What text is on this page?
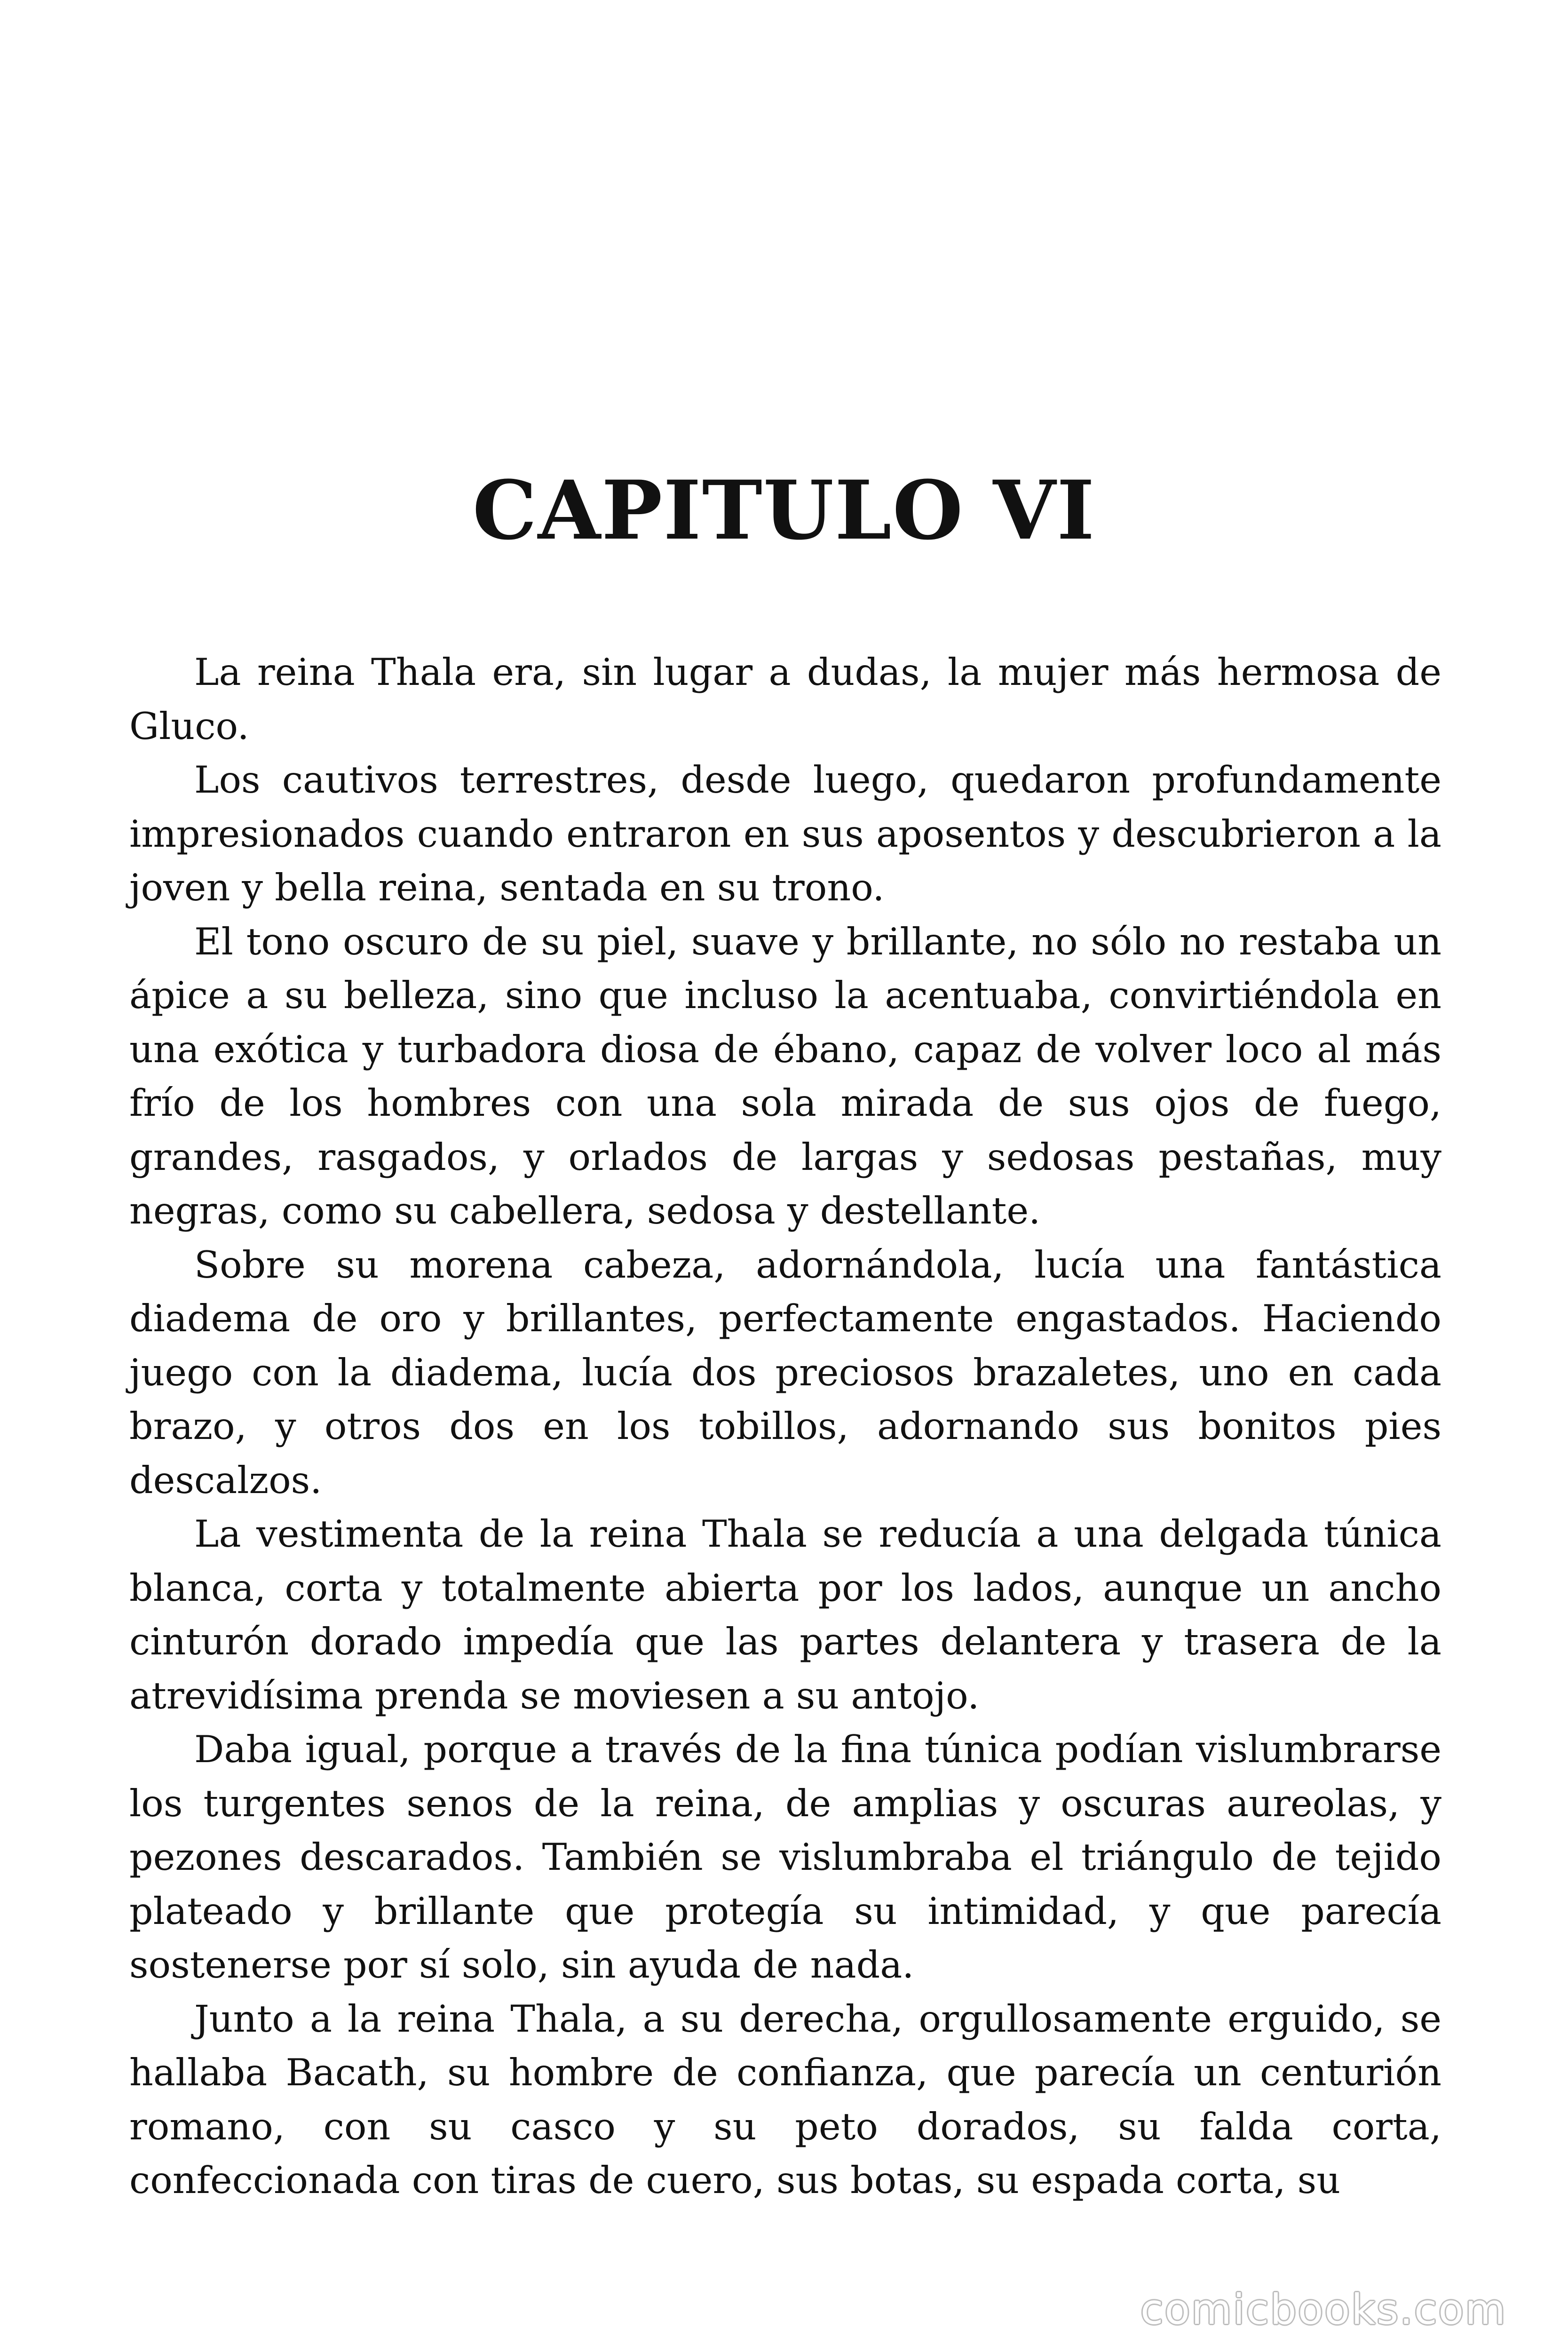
CAPITULO VI

La reina Thala era, sin lugar a dudas, la mujer más hermosa de Gluco.

Los cautivos terrestres, desde luego, quedaron profundamente impresionados cuando entraron en sus aposentos y descubrieron a la joven y bella reina, sentada en su trono.

El tono oscuro de su piel, suave y brillante, no sólo no restaba un ápice a su belleza, sino que incluso la acentuaba, convirtiéndola en una exótica y turbadora diosa de ébano, capaz de volver loco al más frío de los hombres con una sola mirada de sus ojos de fuego, grandes, rasgados, y orlados de largas y sedosas pestañas, muy negras, como su cabellera, sedosa y destellante.

Sobre su morena cabeza, adornándola, lucía una fantástica diadema de oro y brillantes, perfectamente engastados. Haciendo juego con la diadema, lucía dos preciosos brazaletes, uno en cada brazo, y otros dos en los tobillos, adornando sus bonitos pies descalzos.

La vestimenta de la reina Thala se reducía a una delgada túnica blanca, corta y totalmente abierta por los lados, aunque un ancho cinturón dorado impedía que las partes delantera y trasera de la atrevidísima prenda se moviesen a su antojo.

Daba igual, porque a través de la fina túnica podían vislumbrarse los turgentes senos de la reina, de amplias y oscuras aureolas, y pezones descarados. También se vislumbraba el triángulo de tejido plateado y brillante que protegía su intimidad, y que parecía sostenerse por sí solo, sin ayuda de nada.

Junto a la reina Thala, a su derecha, orgullosamente erguido, se hallaba Bacath, su hombre de confianza, que parecía un centurión romano, con su casco y su peto dorados, su falda corta, confeccionada con tiras de cuero, sus botas, su espada corta, su

comicbooks.com
